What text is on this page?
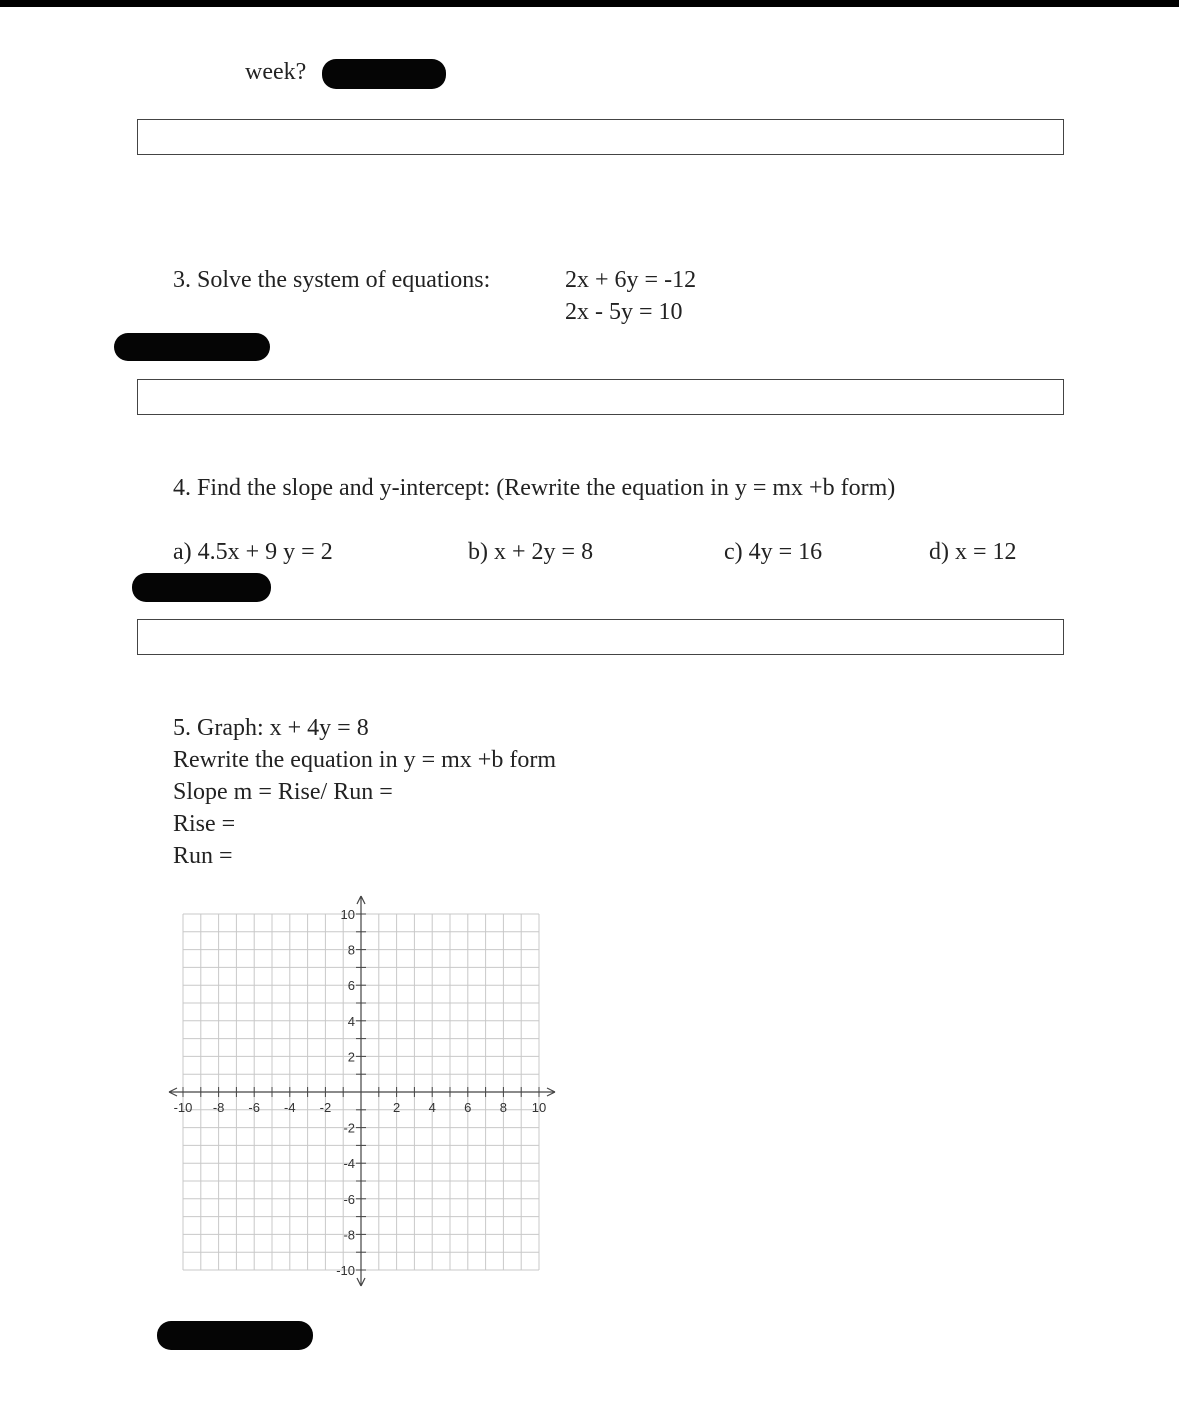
week?
3. Solve the system of equations:	2x + 6y = -12
2x - 5y = 10
4. Find the slope and y-intercept: (Rewrite the equation in y = mx +b form)
a) 4.5x + 9 y = 2	b) x + 2y = 8	c) 4y = 16	d) x = 12
5. Graph: x + 4y = 8
Rewrite the equation in y = mx +b form
Slope m = Rise/ Run =
Rise =
Run =
-10 -8 -6 -4 -2	2 4 6 8 10
10
8
6
4
2
-2
-4
-6
-8
-10
